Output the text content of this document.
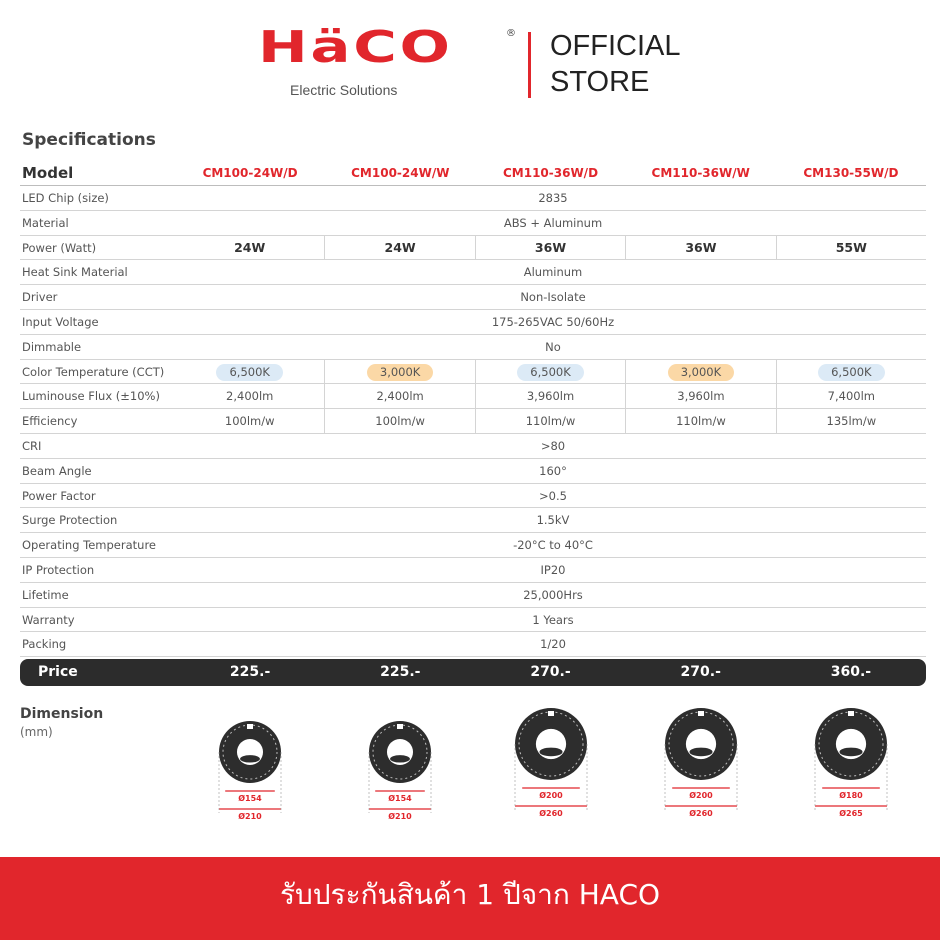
HäCO	®
Electric Solutions
OFFICIAL
STORE
Specifications
Model	CM100-24W/D	CM100-24W/W	CM110-36W/D	CM110-36W/W	CM130-55W/D
LED Chip (size)	2835
Material	ABS + Aluminum
Power (Watt)	24W	24W	36W	36W	55W
Heat Sink Material	Aluminum
Driver	Non-Isolate
Input Voltage	175-265VAC 50/60Hz
Dimmable	No
Color Temperature (CCT)	6,500K	3,000K	6,500K	3,000K	6,500K
Luminouse Flux (±10%)	2,400lm	2,400lm	3,960lm	3,960lm	7,400lm
Efficiency	100lm/w	100lm/w	110lm/w	110lm/w	135lm/w
CRI	>80
Beam Angle	160°
Power Factor	>0.5
Surge Protection	1.5kV
Operating Temperature	-20°C to 40°C
IP Protection	IP20
Lifetime	25,000Hrs
Warranty	1 Years
Packing	1/20
Price	225.-	225.-	270.-	270.-	360.-
Dimension
(mm)
Ø154
Ø210
Ø154
Ø210
Ø200
Ø260
Ø200
Ø260
Ø180
Ø265
รับประกันสินค้า 1 ปีจาก HACO
